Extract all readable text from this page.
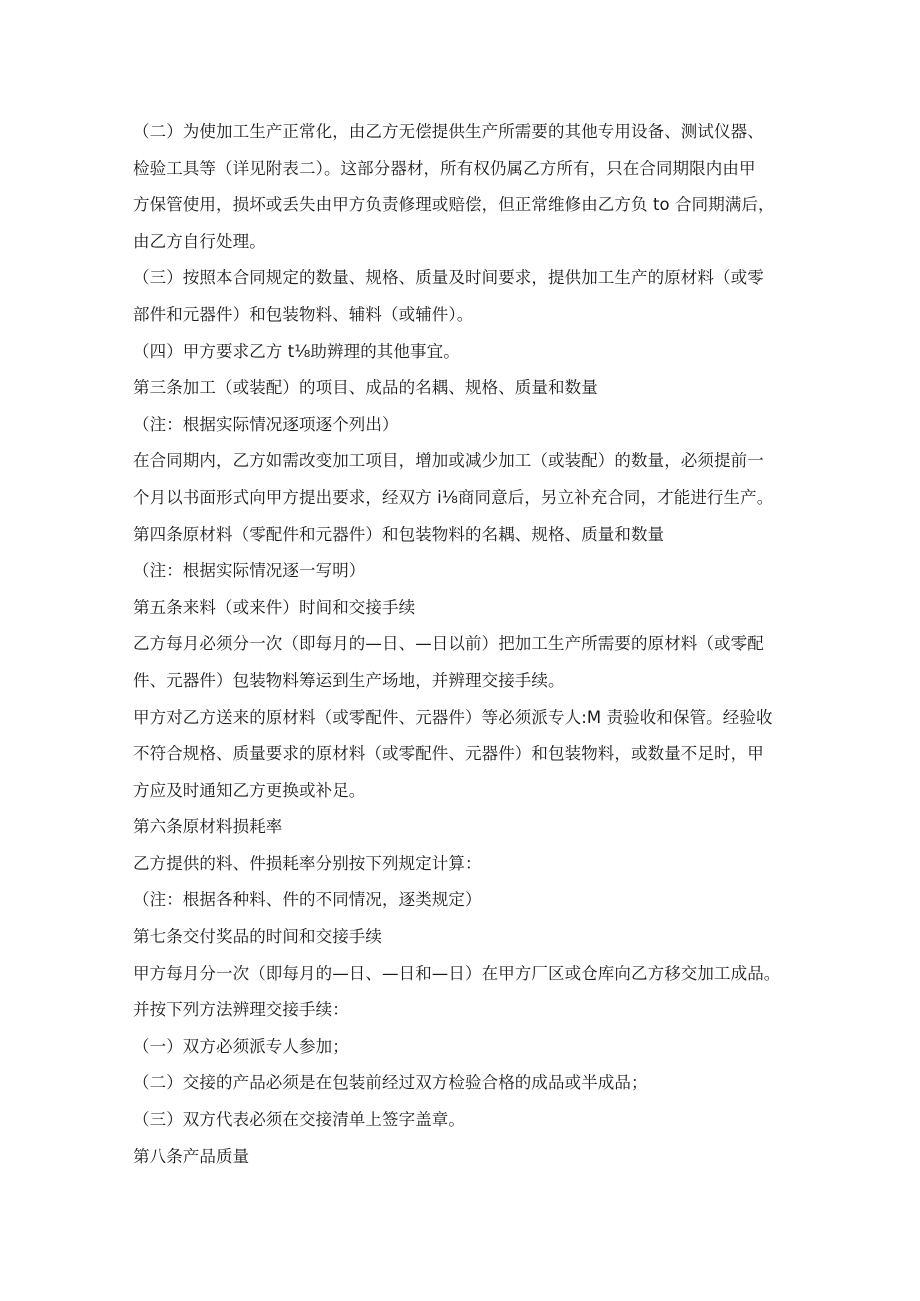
（二）为使加工生产正常化，由乙方无偿提供生产所需要的其他专用设备、测试仪器、
检验工具等（详见附表二）。这部分器材，所有权仍属乙方所有，只在合同期限内由甲
方保管使用，损坏或丢失由甲方负责修理或赔偿，但正常维修由乙方负 to 合同期满后，
由乙方自行处理。
（三）按照本合同规定的数量、规格、质量及时间要求，提供加工生产的原材料（或零
部件和元器件）和包装物料、辅料（或辅件）。
（四）甲方要求乙方 t⅛助辨理的其他事宜。
第三条加工（或装配）的项目、成品的名耦、规格、质量和数量
（注：根据实际情况逐项逐个列出）
在合同期内，乙方如需改变加工项目，增加或减少加工（或装配）的数量，必须提前一
个月以书面形式向甲方提出要求，经双方 i⅛商同意后，另立补充合同，才能进行生产。
第四条原材料（零配件和元器件）和包装物料的名耦、规格、质量和数量
（注：根据实际情况逐一写明）
第五条来料（或来件）时间和交接手续
乙方每月必须分一次（即每月的—日、—日以前）把加工生产所需要的原材料（或零配
件、元器件）包装物料筹运到生产场地，并辨理交接手续。
甲方对乙方送来的原材料（或零配件、元器件）等必须派专人:M 责验收和保管。经验收
不符合规格、质量要求的原材料（或零配件、元器件）和包装物料，或数量不足时，甲
方应及时通知乙方更换或补足。
第六条原材料损耗率
乙方提供的料、件损耗率分别按下列规定计算：
（注：根据各种料、件的不同情况，逐类规定）
第七条交付奖品的时间和交接手续
甲方每月分一次（即每月的—日、—日和—日）在甲方厂区或仓库向乙方移交加工成品。
并按下列方法辨理交接手续：
（一）双方必须派专人参加；
（二）交接的产品必须是在包装前经过双方检验合格的成品或半成品；
（三）双方代表必须在交接清单上签字盖章。
第八条产品质量
